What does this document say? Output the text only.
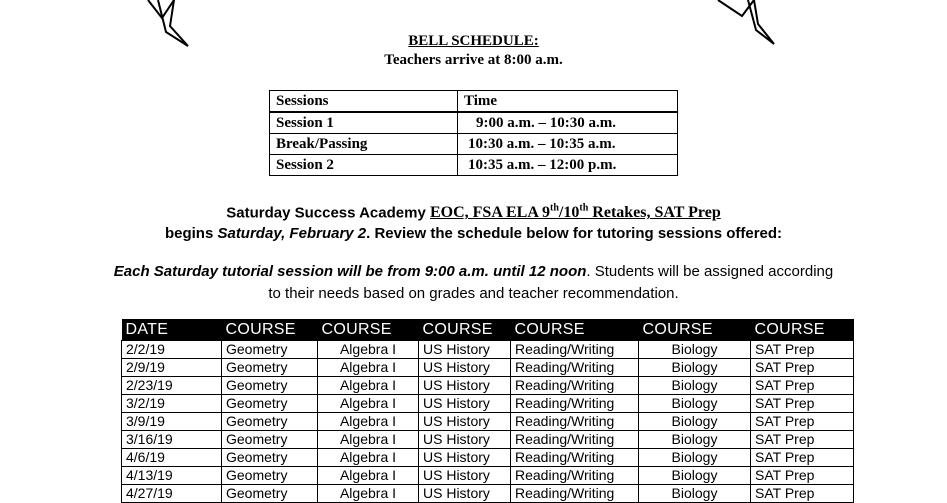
BELL SCHEDULE:
Teachers arrive at 8:00 a.m.
Sessions	Time
Session 1	9:00 a.m. – 10:30 a.m.
Break/Passing	10:30 a.m. – 10:35 a.m.
Session 2	10:35 a.m. – 12:00 p.m.
Saturday Success Academy EOC, FSA ELA 9th/10th Retakes, SAT Prep
begins Saturday, February 2. Review the schedule below for tutoring sessions offered:
Each Saturday tutorial session will be from 9:00 a.m. until 12 noon. Students will be assigned according
to their needs based on grades and teacher recommendation.
DATE	COURSE	COURSE	COURSE	COURSE	COURSE	COURSE
2/2/19	Geometry	Algebra I	US History	Reading/Writing	Biology	SAT Prep
2/9/19	Geometry	Algebra I	US History	Reading/Writing	Biology	SAT Prep
2/23/19	Geometry	Algebra I	US History	Reading/Writing	Biology	SAT Prep
3/2/19	Geometry	Algebra I	US History	Reading/Writing	Biology	SAT Prep
3/9/19	Geometry	Algebra I	US History	Reading/Writing	Biology	SAT Prep
3/16/19	Geometry	Algebra I	US History	Reading/Writing	Biology	SAT Prep
4/6/19	Geometry	Algebra I	US History	Reading/Writing	Biology	SAT Prep
4/13/19	Geometry	Algebra I	US History	Reading/Writing	Biology	SAT Prep
4/27/19	Geometry	Algebra I	US History	Reading/Writing	Biology	SAT Prep
